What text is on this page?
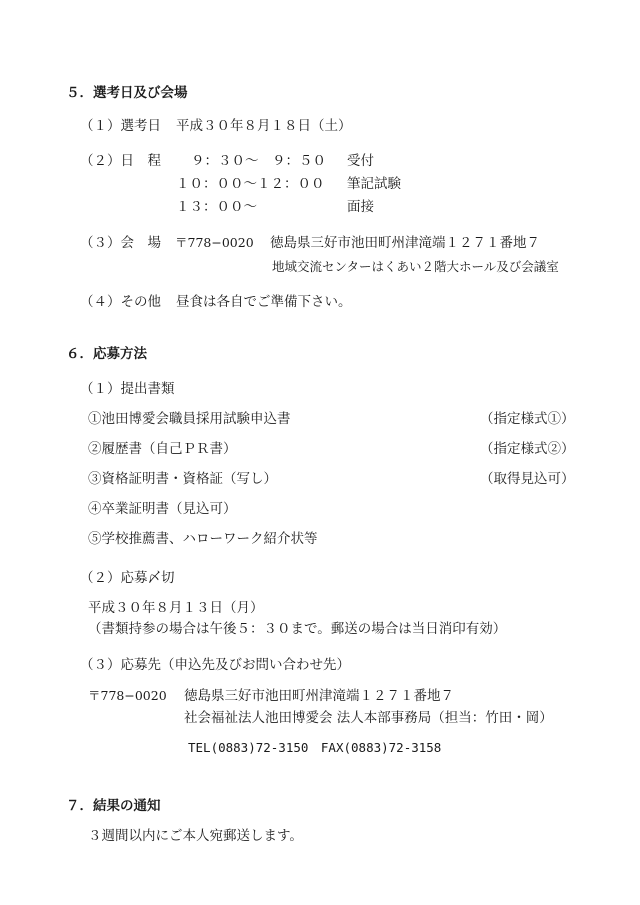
５．選考日及び会場
（１）選考日 平成３０年８月１８日（土）
（２）日　程 ９：３０〜　９：５０ 受付
１０：００〜１２：００ 筆記試験
１３：００〜	面接
（３）会　場 〒778−0020 徳島県三好市池田町州津滝端１２７１番地７
地域交流センターはくあい２階大ホール及び会議室
（４）その他 昼食は各自でご準備下さい。
６．応募方法
（１）提出書類
①池田博愛会職員採用試験申込書	（指定様式①）
②履歴書（自己ＰＲ書）	（指定様式②）
③資格証明書・資格証（写し）	（取得見込可）
④卒業証明書（見込可）
⑤学校推薦書、ハローワーク紹介状等
（２）応募〆切
平成３０年８月１３日（月）
（書類持参の場合は午後５：３０まで。郵送の場合は当日消印有効）
（３）応募先（申込先及びお問い合わせ先）
〒778−0020 徳島県三好市池田町州津滝端１２７１番地７
社会福祉法人池田博愛会 法人本部事務局（担当：竹田・岡）
TEL(0883)72-3150　FAX(0883)72-3158
７．結果の通知
３週間以内にご本人宛郵送します。
